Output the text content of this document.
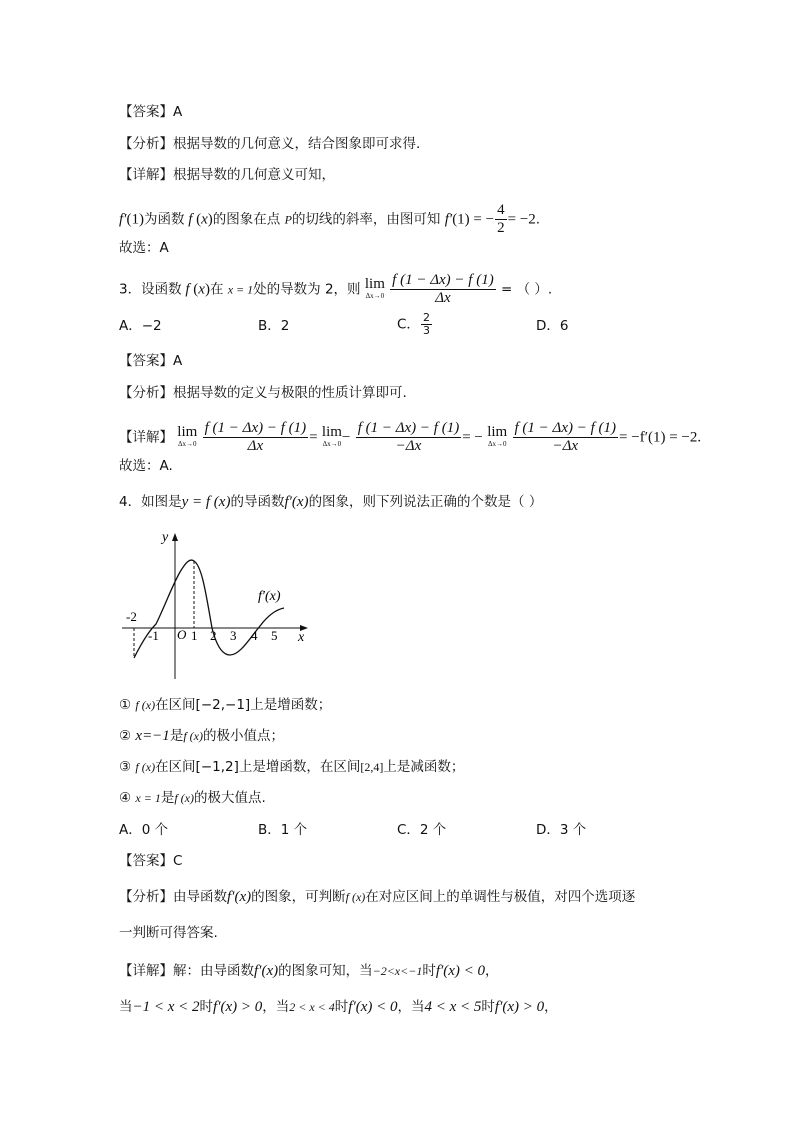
【答案】A
【分析】根据导数的几何意义，结合图象即可求得.
【详解】根据导数的几何意义可知，
f′(1)为函数 f (x)的图象在点 P的切线的斜率，由图可知 f′(1) = − $\frac{4}{2} = -2$.
故选：A
3．设函数 f (x)在 x = 1处的导数为 2，则 lim
Δx→0
$\frac{f (1 - \Delta x) - f (1)}{\Delta x}$ = （ ）.
A．−2	B．2	C． $\frac{2}{3}$	D．6
【答案】A
【分析】根据导数的定义与极限的性质计算即可.
【详解】 lim
Δx→0
$\frac{f (1 - \Delta x) - f (1)}{\Delta x} = \lim$
$\Delta x\to 0 - \frac{f (1 - \Delta x) - f (1)}{-\Delta x}$ = − lim
Δx→0
$\frac{f (1 - \Delta x) - f (1)}{-\Delta x} = -f'(1) = -2$.
故选：A.
4．如图是y = f (x)的导函数f′(x)的图象，则下列说法正确的个数是（ ）
y
x
O
f′(x)
-2
-1 1 2 3 4 5
① f (x)在区间[−2,−1]上是增函数；
② x=−1是f (x)的极小值点；
③ f (x)在区间[−1,2]上是增函数，在区间[2,4]上是减函数；
④ x = 1是f (x)的极大值点.
A．0 个	B．1 个	C．2 个	D．3 个
【答案】C
【分析】由导函数f′(x)的图象，可判断f (x)在对应区间上的单调性与极值，对四个选项逐
一判断可得答案.
【详解】解：由导函数f′(x)的图象可知，当−2<x<−1时f′(x) < 0，
当−1 < x < 2时f′(x) > 0，当2 < x < 4时f′(x) < 0，当4 < x < 5时f′(x) > 0，
